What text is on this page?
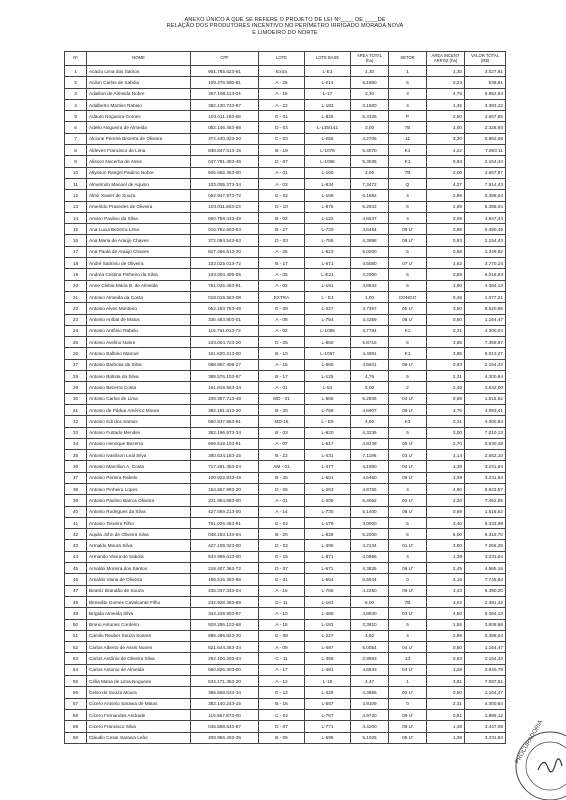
ANEXO ÚNICO A QUE SE REFERE O PROJETO DE LEI Nº____ DE ____DE
RELAÇÃO DOS PRODUTORES INCENTIVO NO PERÍMETRO IRRIGADO MORADA NOVA
E LIMOEIRO DO NORTE
Nº	NOME	CPF	LOTE	LOTE BASE	ÁREA TOTAL (ha)	SETOR	ÁREA INCENT ARROZ (ha)	VALOR TOTAL (R$)
1	Acacio Lima dos Santos	901.785.523-91	Extra	L-E1	1,30	1	1,30	3.027,61
2	Acilon Carlos de Sabóia	109.276.590-81	A - 25	L-214	5,1850	5	0,23	538,81
3	Adailton de Almeida Nobre	367.198.113-04	A - 16	L-17	3,30	4	4,75	8.852,83
4	Adalberto Martins Rabelo	382.130.743-87	A - 22	L-182	3,1500	4	1,45	3.393,22
5	Adauto Nogueira Gomes	103.011.193-68	D - 01	L-825	5,3325	P	2,50	4.657,85
6	Adelio Nogueira de Almeida	052.146.453-68	D - 04	L-135/141	3,00	7B	1,00	2.328,93
7	Alcione Pereira Bezerra de Oliveira	372.430.323-20	C - 03	L-255	4,2706	11	3,20	5.962,05
8	Aldeves Francisco de Lima	838.847.613-15	B - 19	L-1078	5,4070	K1	4,22	7.863,11
9	Alisson Nocerha de Assis	047.781.403-46	D - 07	L-1066	5,3536	K1	0,93	2.154,43
10	Allysson Rangel Paulino Nobre	605.682.353-00	A - 01	L-160	4,06	7B	2,00	4.657,87
11	Almerindo Manoel de Aquino	103.005.373-34	A - 03	L-834	7,3472	Q	4,27	7.914,43
12	Almir Xavier de Souza	052.947.973-72	D - 02	L-169	6,1882	4	2,89	5.388,04
13	Amerildo Praxedes de Oliveira	103.011.603-23	D - 10	L-876	5,2942	5	2,89	5.388,04
14	Amaro Paulino da Silva	560.758.433-49	B - 02	L-122	4,6537	4	2,08	4.847,44
15	Ana Lucia Bezerra Lima	016.752.603-53	B - 27	L-720	4,6454	09 U'	2,95	5.490,49
16	Ana Maria de Araújo Chaves	372.084.543-53	D - 03	L-755	4,3998	08 U'	0,93	2.154,43
17	Ana Paula de Araújo Chaves	827.456.613-20	A - 25	L-823	5,0200	5	0,58	1.349,92
18	André Satirinio de Oliveira	103.025.013-72	B - 17	L-671	4,5050	07 U'	1,62	3.770,24
19	Andréa Cristina Pinheiro da Silva	103.003.405-05	A - 06	L-E21	3,2000	5	2,59	6.018,93
20	Anne Clebia Maria B. de Almeida	761.026.453-91	A - 02	L-191	4,8632	5	1,90	4.384,13
21	Antonio Almeida da Costa	018.019.563-08	EXTRA	L - E4	1,00	CONGO	0,46	1.077,21
22	Antonio Alves Monteiro	052.183.753-49	D - 08	L-327	3,7357	05 U'	3,50	8.520,96
23	Antonio Aníbal de Matos	336.463.803-01	A - 08	L-754	4,4259	08 U'	0,50	1.164,47
24	Antonio Antônio Rabelo	116.761.013-72	A - 02	L-1055	4,7784	K1	2,31	4.300,04
25	Antonio Avelino Nobre	103.004.723-20	D - 05	L-850	5,8716	5	3,65	7.359,87
26	Antonio Balbino Manoel	161.620.213-00	B - 10	L-1067	4,4891	K1	3,85	6.813,27
27	Antonio Barbosa da Silva	088.867.408-27	A - 15	L-565	4,5821	06 U'	0,93	2.154,43
28	Antonio Batista da Silva	388.576.103-87	B - 17	L-125	4,76	5	2,31	4.300,84
29	Antonio Bezerra Costa	161.819.553-34	A - 01	L-54	5,00	2	2,49	4.632,00
30	Antonio Carlos de Lima	208.957.713-49	MD - 01	L-565	5,2945	04 U'	0,69	1.615,62
31	Antonio de Pádua Américo Moura	382.181.613-20	B - 25	L-758	4,6907	09 U'	1,76	4.093,41
32	Antonio Edi dos Santos	560.837.853-91	MD-15	L - E5	4,90	K3	2,31	4.300,84
33	Antonio Furtado Mendes	382.196.973-34	B - 03	L-920	4,3236	5	3,00	7.010,13
34	Antonio Henrique Bezerra	669.519.103-91	A - 07	L-517	4,8238	05 U'	2,70	5.630,48
35	Antonio Ivanilson Leal Silva	380.624.183-15	B - 22	L-431	7,1196	03 U'	1,14	2.652,10
36	Antonio Marcilion A. Costa	717.281.353-04	AM - 01	L-477	4,1950	04 U'	1,38	3.231,84
37	Antonio Pereira Rabelo	100.922.833-49	B - 25	L-601	4,5460	06 U'	1,39	3.231,84
38	Antonio Pinheiro Lopes	154.667.993-20	D - 06	L-263	4,9765	4	4,80	8.943,57
39	Antonio Paulino Barros Oliveira	221.954.583-00	A - 01	L-305	5,4052	03 U'	4,20	7.452,55
40	Antonio Rodrigues da Silva	427.069.213-00	A - 14	L-730	5,1400	08 U'	0,69	1.615,62
41	Antonio Teixeira Filho	761.026.453-91	D - 04	L-179	3,0000	5	3,40	6.333,99
42	Aquila John de Oliveira Silva	048.183.133-94	B - 20	L-828	5,2000	5	5,00	9.315,70
43	Armaldo Moura Silva	427.109.323-00	D - 02	L-390	4,2134	01 U'	3,90	7.266,25
44	Armando Vieira de Sabóia	533.999.613-00	D - 15	L-871	4,0956	4	1,39	3.231,84
45	Arnaldo Moreira dos Santos	219.407.363-72	D - 07	L-671	4,3825	06 U'	2,45	4.565,16
46	Arnaldo Viana de Oliveira	189.516.353-68	D - 01	L-564	6,5634	0	4,16	7.745,84
47	Beatriz Brandão de Souza	435.337.343-04	A - 16	L-765	4,2250	09 U'	3,43	6.390,20
48	Benedito Gomes Cavalcante Filho	232.929.383-68	D - 11	L-163	6,00	7B	1,02	2.381,42
49	Brígida Almeida Silva	343.229.903-97	A - 10	L-480	4,8840	03 U'	4,50	8.384,13
50	Bruno Antunes Cordeiro	928.286.123-68	A - 15	L-183	3,3810	5	1,55	3.608,66
51	Camilo Reuber Souza Soares	995.486.823-20	D - 08	L-227	4,60	4	2,89	5.388,04
52	Carlos Alberto de Assis Nunes	821.644.363-34	A - 09	L-497	5,0054	04 U'	0,50	1.164,47
53	Carlos Antônio de Oliveira Silva	292.100.203-44	C - 11	L-358	2,9593	13	0,93	2.154,43
54	Carlos Antonio de Almeida	560.826.303-00	A - 17	L-481	4,5833	04 U'	1,28	2.940,79
55	Célia Maria de Lima Nogueira	534.171.353-20	A - 12	L-18	4,47	1	3,81	7.097,51
56	Celso de Souza Moura	355.568.633-34	D - 12	L-429	4,3855	03 U'	0,50	1.164,47
57	Cícero Antonio Saraiva de Matos	382.140.243-15	B - 16	L-557	4,9109	0	2,31	4.300,84
58	Cícero Fernandes Andrade	115.867.873-00	C - 04	L-767	4,9720	09 U'	0,81	1.885,12
59	Cícero Francisco Silva	045.558.643-87	D - 07	L-771	4,4200	09 U'	1,48	3.447,08
60	Cláudio Cesar Saraiva Leão	208.956.403-25	B - 06	L-595	5,1025	05 U'	1,39	3.231,84 PROCURADORIA
